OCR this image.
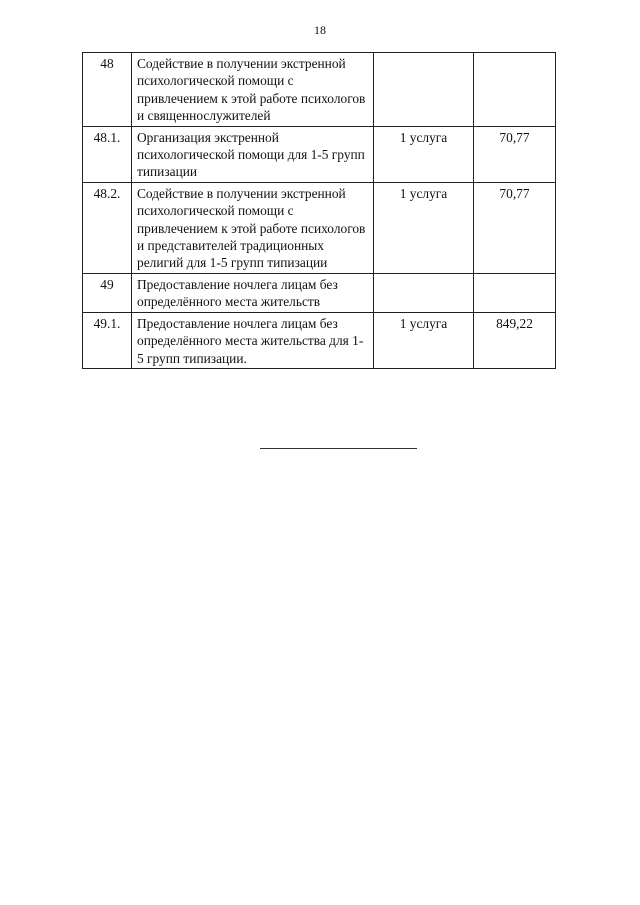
18
48	Содействие в получении экстренной психологической помощи с привлечением к этой работе психологов и священнослужителей		
48.1.	Организация экстренной психологической помощи для 1-5 групп типизации	1 услуга	70,77
48.2.	Содействие в получении экстренной психологической помощи с привлечением к этой работе психологов и представителей традиционных религий для 1-5 групп типизации	1 услуга	70,77
49	Предоставление ночлега лицам без определённого места жительств		
49.1.	Предоставление ночлега лицам без определённого места жительства для 1-5 групп типизации.	1 услуга	849,22
